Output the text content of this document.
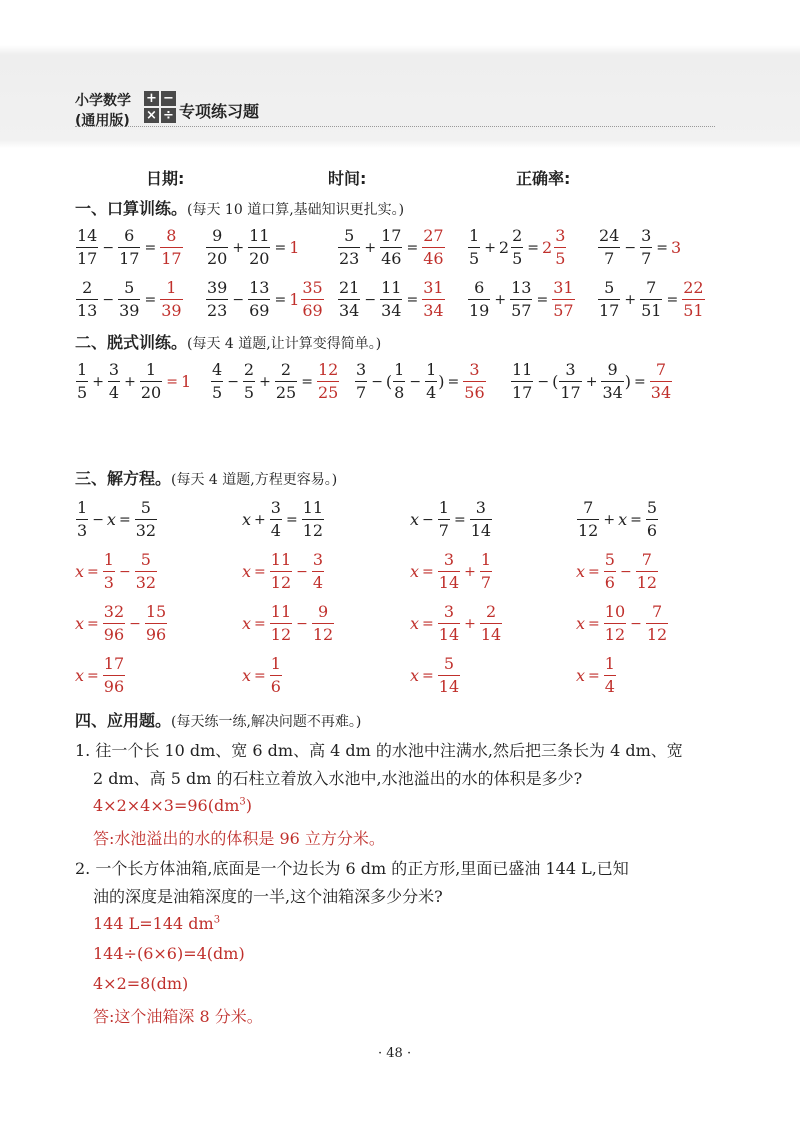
小学数学
(通用版)
+ −
× ÷ 专项练习题
日期:	时间:	正确率:
一、口算训练。(每天 10 道口算,基础知识更扎实。)
$\frac{14}{17} - \frac{6}{17} = \frac{8}{17} \frac{9}{20} + \frac{11}{20} = 1 \frac{5}{23} + \frac{17}{46} = \frac{27}{46} \frac{1}{5} + 2 \frac{2}{5} = 2 \frac{3}{5} \frac{24}{7} - \frac{3}{7} = 3$
$\frac{2}{13} - \frac{5}{39} = \frac{1}{39} \frac{39}{23} - \frac{13}{69} = 1 \frac{35}{69} \frac{21}{34} - \frac{11}{34} = \frac{31}{34} \frac{6}{19} + \frac{13}{57} = \frac{31}{57} \frac{5}{17} + \frac{7}{51} = \frac{22}{51}$
二、脱式训练。(每天 4 道题,让计算变得简单。)
$\frac{1}{5} + \frac{3}{4} + \frac{1}{20} = 1 \frac{4}{5} - \frac{2}{5} + \frac{2}{25} = \frac{12}{25} \frac{3}{7}$ − ( $\frac{1}{8} - \frac{1}{4}$ ) = $\frac{3}{56} \frac{11}{17}$ − ( $\frac{3}{17} + \frac{9}{34}$ ) = $\frac{7}{34}$
三、解方程。(每天 4 道题,方程更容易。)
$\frac{1}{3} - x = \frac{5}{32}$	$x + \frac{3}{4} = \frac{11}{12}$	$x - \frac{1}{7} = \frac{3}{14}$	$\frac{7}{12} + x = \frac{5}{6}$
$x = \frac{1}{3} - \frac{5}{32}$	$x = \frac{11}{12} - \frac{3}{4}$	$x = \frac{3}{14} + \frac{1}{7}$	$x = \frac{5}{6} - \frac{7}{12}$
$x = \frac{32}{96} - \frac{15}{96}$	$x = \frac{11}{12} - \frac{9}{12}$	$x = \frac{3}{14} + \frac{2}{14}$	$x = \frac{10}{12} - \frac{7}{12}$
$x = \frac{17}{96}$	$x = \frac{1}{6}$	$x = \frac{5}{14}$	$x = \frac{1}{4}$
四、应用题。(每天练一练,解决问题不再难。)
1. 往一个长 10 dm、宽 6 dm、高 4 dm 的水池中注满水,然后把三条长为 4 dm、宽
2 dm、高 5 dm 的石柱立着放入水池中,水池溢出的水的体积是多少?
$4\times 2\times 4\times 3=96(dm^3)$
答:水池溢出的水的体积是 96 立方分米。
2. 一个长方体油箱,底面是一个边长为 6 dm 的正方形,里面已盛油 144 L,已知
油的深度是油箱深度的一半,这个油箱深多少分米?
144 L=144 $dm^3$
144÷(6×6)=4(dm)
4×2=8(dm)
答:这个油箱深 8 分米。
· 48 ·
